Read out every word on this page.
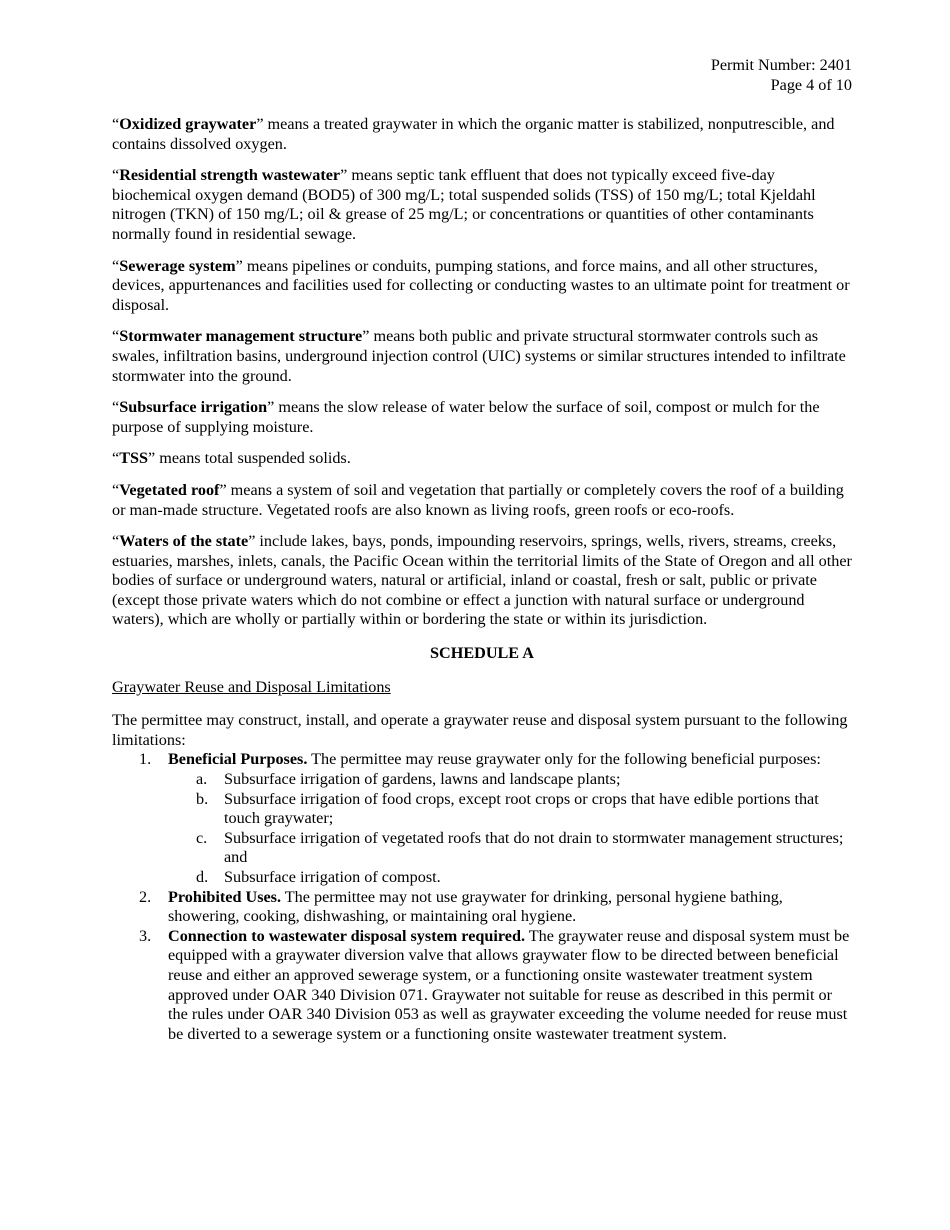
Permit Number: 2401
Page 4 of 10

“Oxidized graywater” means a treated graywater in which the organic matter is stabilized, nonputrescible, and contains dissolved oxygen.

“Residential strength wastewater” means septic tank effluent that does not typically exceed five-day biochemical oxygen demand (BOD5) of 300 mg/L; total suspended solids (TSS) of 150 mg/L; total Kjeldahl nitrogen (TKN) of 150 mg/L; oil & grease of 25 mg/L; or concentrations or quantities of other contaminants normally found in residential sewage.

“Sewerage system” means pipelines or conduits, pumping stations, and force mains, and all other structures, devices, appurtenances and facilities used for collecting or conducting wastes to an ultimate point for treatment or disposal.

“Stormwater management structure” means both public and private structural stormwater controls such as swales, infiltration basins, underground injection control (UIC) systems or similar structures intended to infiltrate stormwater into the ground.

“Subsurface irrigation” means the slow release of water below the surface of soil, compost or mulch for the purpose of supplying moisture.

“TSS” means total suspended solids.

“Vegetated roof” means a system of soil and vegetation that partially or completely covers the roof of a building or man-made structure. Vegetated roofs are also known as living roofs, green roofs or eco-roofs.

“Waters of the state” include lakes, bays, ponds, impounding reservoirs, springs, wells, rivers, streams, creeks, estuaries, marshes, inlets, canals, the Pacific Ocean within the territorial limits of the State of Oregon and all other bodies of surface or underground waters, natural or artificial, inland or coastal, fresh or salt, public or private (except those private waters which do not combine or effect a junction with natural surface or underground waters), which are wholly or partially within or bordering the state or within its jurisdiction.

SCHEDULE A
Graywater Reuse and Disposal Limitations

The permittee may construct, install, and operate a graywater reuse and disposal system pursuant to the following limitations:

1. Beneficial Purposes. The permittee may reuse graywater only for the following beneficial purposes:
a. Subsurface irrigation of gardens, lawns and landscape plants;
b. Subsurface irrigation of food crops, except root crops or crops that have edible portions that touch graywater;
c. Subsurface irrigation of vegetated roofs that do not drain to stormwater management structures; and
d. Subsurface irrigation of compost.
2. Prohibited Uses. The permittee may not use graywater for drinking, personal hygiene bathing, showering, cooking, dishwashing, or maintaining oral hygiene.
3. Connection to wastewater disposal system required. The graywater reuse and disposal system must be equipped with a graywater diversion valve that allows graywater flow to be directed between beneficial reuse and either an approved sewerage system, or a functioning onsite wastewater treatment system approved under OAR 340 Division 071. Graywater not suitable for reuse as described in this permit or the rules under OAR 340 Division 053 as well as graywater exceeding the volume needed for reuse must be diverted to a sewerage system or a functioning onsite wastewater treatment system.
